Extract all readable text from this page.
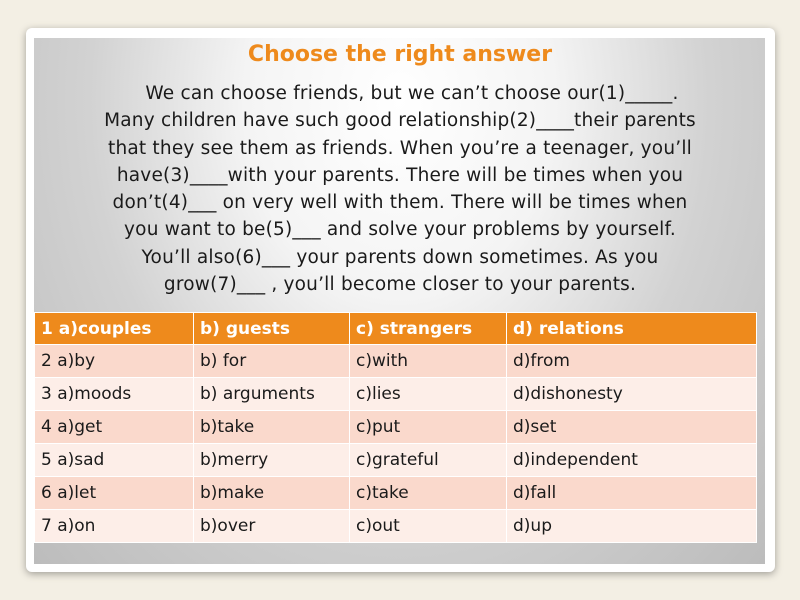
Choose the right answer
We can choose friends, but we can’t choose our(1)_____.
Many children have such good relationship(2)____their parents
that they see them as friends. When you’re a teenager, you’ll
have(3)____with your parents. There will be times when you
don’t(4)___ on very well with them. There will be times when
you want to be(5)___ and solve your problems by yourself.
You’ll also(6)___ your parents down sometimes. As you
grow(7)___ , you’ll become closer to your parents.
1 a)couples	b) guests	c) strangers	d) relations
2 a)by	b) for	c)with	d)from
3 a)moods	b) arguments	c)lies	d)dishonesty
4 a)get	b)take	c)put	d)set
5 a)sad	b)merry	c)grateful	d)independent
6 a)let	b)make	c)take	d)fall
7 a)on	b)over	c)out	d)up
